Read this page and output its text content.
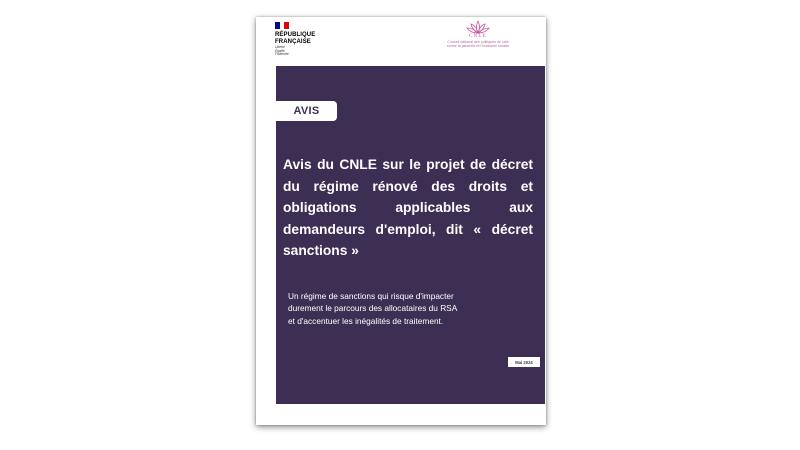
RÉPUBLIQUE
FRANÇAISE
Liberté
Égalité
Fraternité
CNLE
Conseil national des politiques de lutte
contre la pauvreté et l'exclusion sociale
AVIS
Avis du CNLE sur le projet de décret du régime rénové des droits et obligations applicables aux demandeurs d'emploi, dit « décret sanctions »
Un régime de sanctions qui risque d'impacter
durement le parcours des allocataires du RSA
et d'accentuer les inégalités de traitement.
Mai 2024
